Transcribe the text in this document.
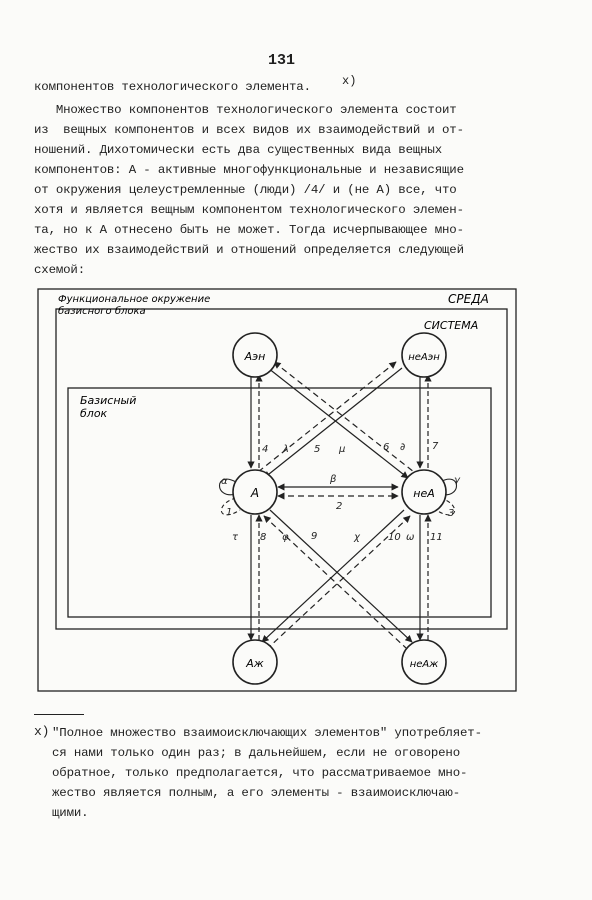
131
компонентов технологического элемента.	x)
Множество компонентов технологического элемента состоит
из  вещных компонентов и всех видов их взаимодействий и от-
ношений. Дихотомически есть два существенных вида вещных
компонентов: А - активные многофункциональные и независящие
от окружения целеустремленные (люди) /4/ и (не А) все, что
хотя и является вещным компонентом технологического элемен-
та, но к А отнесено быть не может. Тогда исчерпывающее мно-
жество их взаимодействий и отношений определяется следующей
схемой:
Функциональное окружение
базисного блока
СРЕДА
СИСТЕМА
Базисный
блок
Аэн	неАэн
А	неА
Аж	неАж
α
1
β
2
3
γ
4 λ	5 μ	6 ∂	7
τ 8 φ 9	χ	10 ω 11
x) "Полное множество взаимоисключающих элементов" употребляет-
ся нами только один раз; в дальнейшем, если не оговорено
обратное, только предполагается, что рассматриваемое мно-
жество является полным, а его элементы - взаимоисключаю-
щими.
